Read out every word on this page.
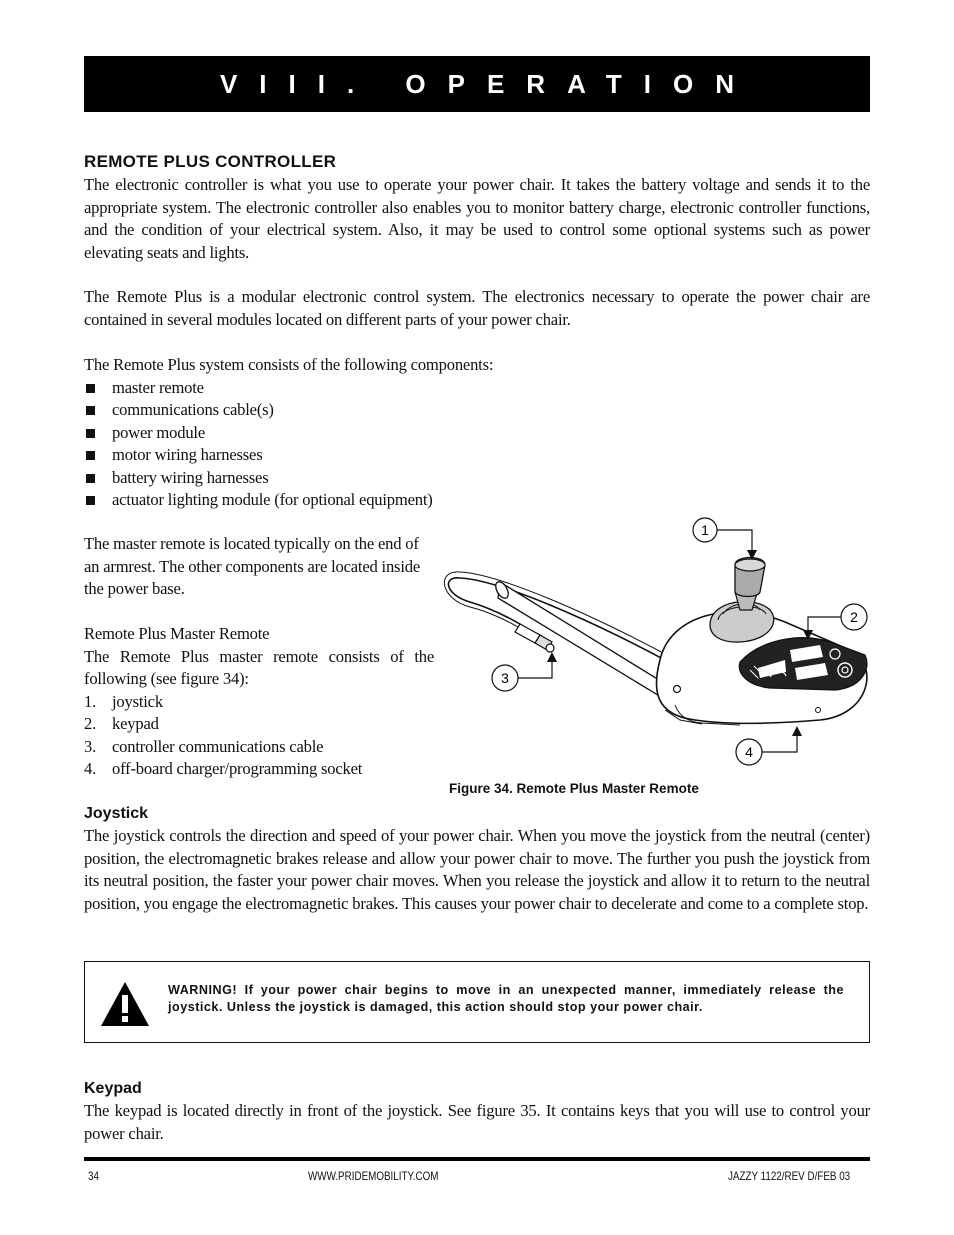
VIII. OPERATION
REMOTE PLUS CONTROLLER

The electronic controller is what you use to operate your power chair. It takes the battery voltage and sends it to the appropriate system. The electronic controller also enables you to monitor battery charge, electronic controller functions, and the condition of your electrical system. Also, it may be used to control some optional systems such as power elevating seats and lights.

The Remote Plus is a modular electronic control system. The electronics necessary to operate the power chair are contained in several modules located on different parts of your power chair.

The Remote Plus system consists of the following components:

master remote
communications cable(s)
power module
motor wiring harnesses
battery wiring harnesses
actuator lighting module (for optional equipment)

The master remote is located typically on the end of an armrest. The other components are located inside the power base.

Remote Plus Master Remote

The Remote Plus master remote consists of the following (see figure 34):

1. joystick
2. keypad
3. controller communications cable
4. off-board charger/programming socket
1
2
3
4
Figure 34. Remote Plus Master Remote
Joystick

The joystick controls the direction and speed of your power chair. When you move the joystick from the neutral (center) position, the electromagnetic brakes release and allow your power chair to move. The further you push the joystick from its neutral position, the faster your power chair moves. When you release the joystick and allow it to return to the neutral position, you engage the electromagnetic brakes. This causes your power chair to decelerate and come to a complete stop.

WARNING! If your power chair begins to move in an unexpected manner, immediately release the joystick. Unless the joystick is damaged, this action should stop your power chair.
Keypad

The keypad is located directly in front of the joystick. See figure 35. It contains keys that you will use to control your power chair.

34	WWW.PRIDEMOBILITY.COM	JAZZY 1122/REV D/FEB 03
